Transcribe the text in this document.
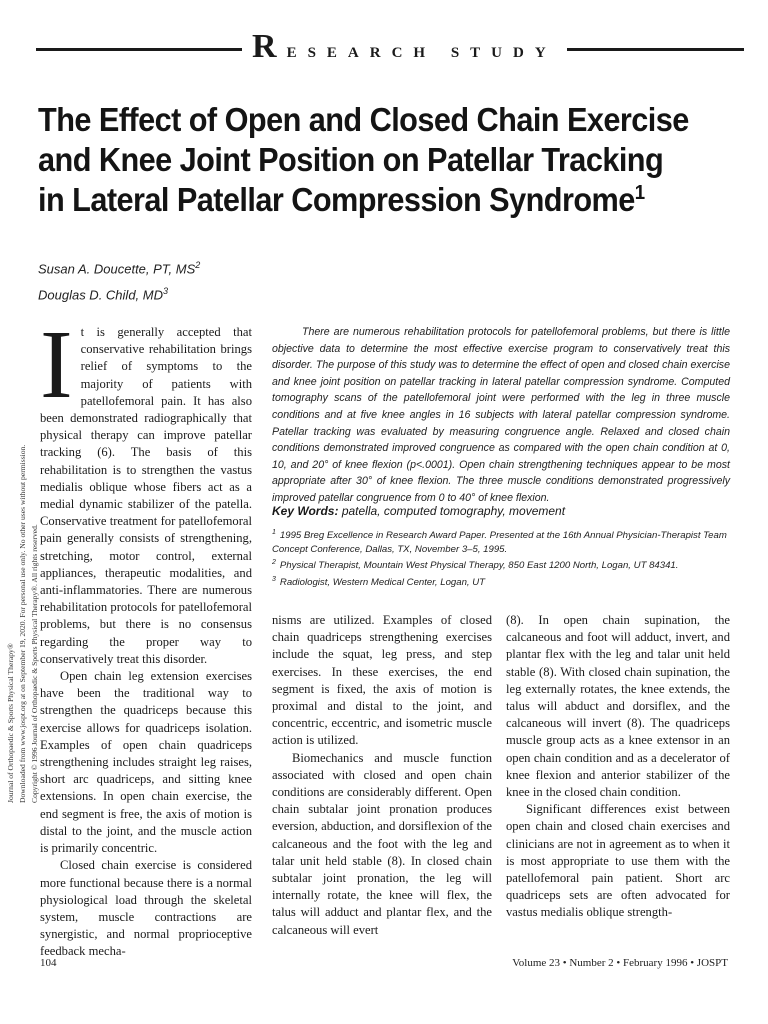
RESEARCH STUDY
The Effect of Open and Closed Chain Exercise and Knee Joint Position on Patellar Tracking in Lateral Patellar Compression Syndrome$^1$
Susan A. Doucette, PT, $MS^2$
Douglas D. Child, $MD^3$
Journal of Orthopaedic & Sports Physical Therapy® Downloaded from www.jospt.org at on September 19, 2020. For personal use only. No other uses without permission. Copyright © 1996 Journal of Orthopaedic & Sports Physical Therapy®. All rights reserved.

It is generally accepted that conservative rehabilitation brings relief of symptoms to the majority of patients with patellofemoral pain. It has also been demonstrated radiographically that physical therapy can improve patellar tracking (6). The basis of this rehabilitation is to strengthen the vastus medialis oblique whose fibers act as a medial dynamic stabilizer of the patella. Conservative treatment for patellofemoral pain generally consists of strengthening, stretching, motor control, external appliances, therapeutic modalities, and anti-inflammatories. There are numerous rehabilitation protocols for patellofemoral problems, but there is no consensus regarding the proper way to conservatively treat this disorder.

Open chain leg extension exercises have been the traditional way to strengthen the quadriceps because this exercise allows for quadriceps isolation. Examples of open chain quadriceps strengthening includes straight leg raises, short arc quadriceps, and sitting knee extensions. In open chain exercise, the end segment is free, the axis of motion is distal to the joint, and the muscle action is primarily concentric.

Closed chain exercise is considered more functional because there is a normal physiological load through the skeletal system, muscle contractions are synergistic, and normal proprioceptive feedback mecha-

There are numerous rehabilitation protocols for patellofemoral problems, but there is little objective data to determine the most effective exercise program to conservatively treat this disorder. The purpose of this study was to determine the effect of open and closed chain exercise and knee joint position on patellar tracking in lateral patellar compression syndrome. Computed tomography scans of the patellofemoral joint were performed with the leg in three muscle conditions and at five knee angles in 16 subjects with lateral patellar compression syndrome. Patellar tracking was evaluated by measuring congruence angle. Relaxed and closed chain conditions demonstrated improved congruence as compared with the open chain condition at 0, 10, and 20° of knee flexion (p<.0001). Open chain strengthening techniques appear to be most appropriate after 30° of knee flexion. The three muscle conditions demonstrated progressively improved patellar congruence from 0 to 40° of knee flexion.
Key Words: patella, computed tomography, movement
$^1$ 1995 Breg Excellence in Research Award Paper. Presented at the 16th Annual Physician-Therapist Team Concept Conference, Dallas, TX, November 3–5, 1995.
$^2$ Physical Therapist, Mountain West Physical Therapy, 850 East 1200 North, Logan, UT 84341.
$^3$ Radiologist, Western Medical Center, Logan, UT

nisms are utilized. Examples of closed chain quadriceps strengthening exercises include the squat, leg press, and step exercises. In these exercises, the end segment is fixed, the axis of motion is proximal and distal to the joint, and concentric, eccentric, and isometric muscle action is utilized.

Biomechanics and muscle function associated with closed and open chain conditions are considerably different. Open chain subtalar joint pronation produces eversion, abduction, and dorsiflexion of the calcaneous and the foot with the leg and talar unit held stable (8). In closed chain subtalar joint pronation, the leg will internally rotate, the knee will flex, the talus will adduct and plantar flex, and the calcaneous will evert

(8). In open chain supination, the calcaneous and foot will adduct, invert, and plantar flex with the leg and talar unit held stable (8). With closed chain supination, the leg externally rotates, the knee extends, the talus will abduct and dorsiflex, and the calcaneous will invert (8). The quadriceps muscle group acts as a knee extensor in an open chain condition and as a decelerator of knee flexion and anterior stabilizer of the knee in the closed chain condition.

Significant differences exist between open chain and closed chain exercises and clinicians are not in agreement as to when it is most appropriate to use them with the patellofemoral pain patient. Short arc quadriceps sets are often advocated for vastus medialis oblique strength-

104	Volume 23 • Number 2 • February 1996 • JOSPT
